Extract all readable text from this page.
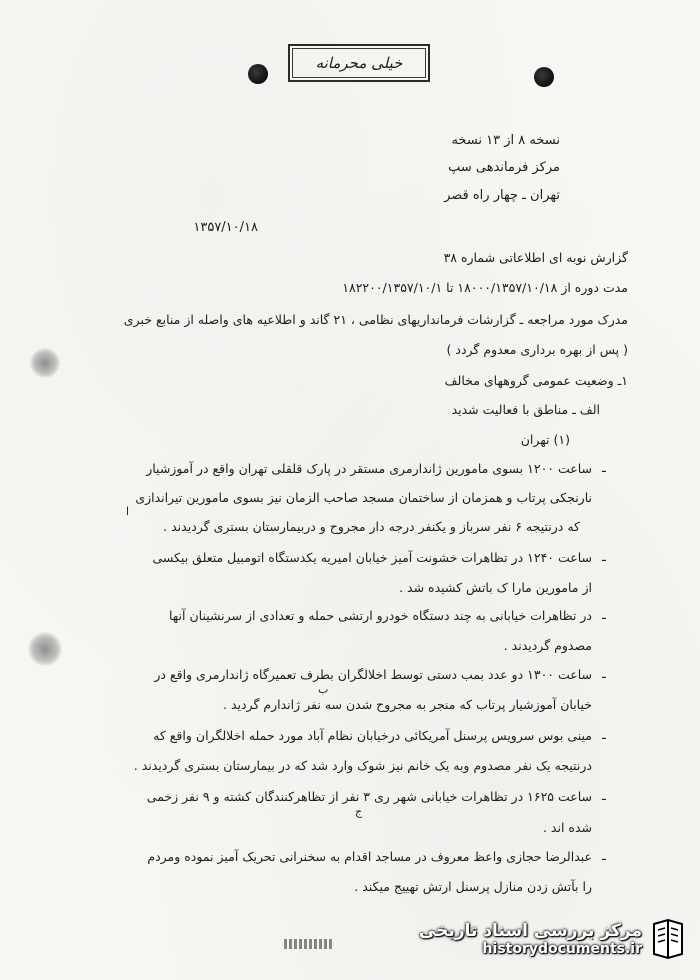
خیلی محرمانه
نسخه ۸ از ۱۳ نسخه
مرکز فرماندهی سپ
تهران ـ چهار راه قصر
۱۳۵۷/۱۰/۱۸
گزارش نوبه ای اطلاعاتی شماره ۳۸
مدت دوره از ۱۸۰۰۰/۱۳۵۷/۱۰/۱۸ تا ۱۸۲۲۰۰/۱۳۵۷/۱۰/۱
مدرک مورد مراجعه ـ گزارشات فرمانداریهای نظامی ، ۲۱ گاند و اطلاعیه های واصله از منابع خبری
( پس از بهره برداری معدوم گردد )
۱ـ وضعیت عمومی گروههای مخالف
الف ـ مناطق با فعالیت شدید
(۱) تهران
ـ
ساعت ۱۲۰۰ بسوی مامورین ژاندارمری مستقر در پارک قلقلی تهران واقع در آموزشیار
نارنجکی پرتاب و همزمان از ساختمان مسجد صاحب الزمان نیز بسوی مامورین تیراندازی
که درنتیجه ۶ نفر سرباز و یکنفر درجه دار مجروح و دربیمارستان بستری گردیدند .
ا
ـ
ساعت ۱۲۴۰ در تظاهرات خشونت آمیز خیابان امیریه یکدستگاه اتومبیل متعلق بیکسی
از مامورین مارا ک باتش کشیده شد .
ـ
در تظاهرات خیابانی به چند دستگاه خودرو ارتشی حمله و تعدادی از سرنشینان آنها
مصدوم گردیدند .
ـ
ساعت ۱۳۰۰ دو عدد بمب دستی توسط اخلالگران بطرف تعمیرگاه ژاندارمری واقع در
خیابان آموزشیار پرتاب که منجر به مجروح شدن سه نفر ژاندارم گردید .
ب
ـ
مینی بوس سرویس پرسنل آمریکائی درخیابان نظام آباد مورد حمله اخلالگران واقع که
درنتیجه یک نفر مصدوم وبه یک خانم نیز شوک وارد شد که در بیمارستان بستری گردیدند .
ـ
ساعت ۱۶۲۵ در تظاهرات خیابانی شهر ری ۳ نفر از تظاهرکنندگان کشته و ۹ نفر زخمی
شده اند .
ج
ـ
عبدالرضا حجازی واعظ معروف در مساجد اقدام به سخنرانی تحریک آمیز نموده ومردم
را بآتش زدن منازل پرسنل ارتش تهییج میکند .
مرکز بررسی اسناد تاریخی
historydocuments.ir
